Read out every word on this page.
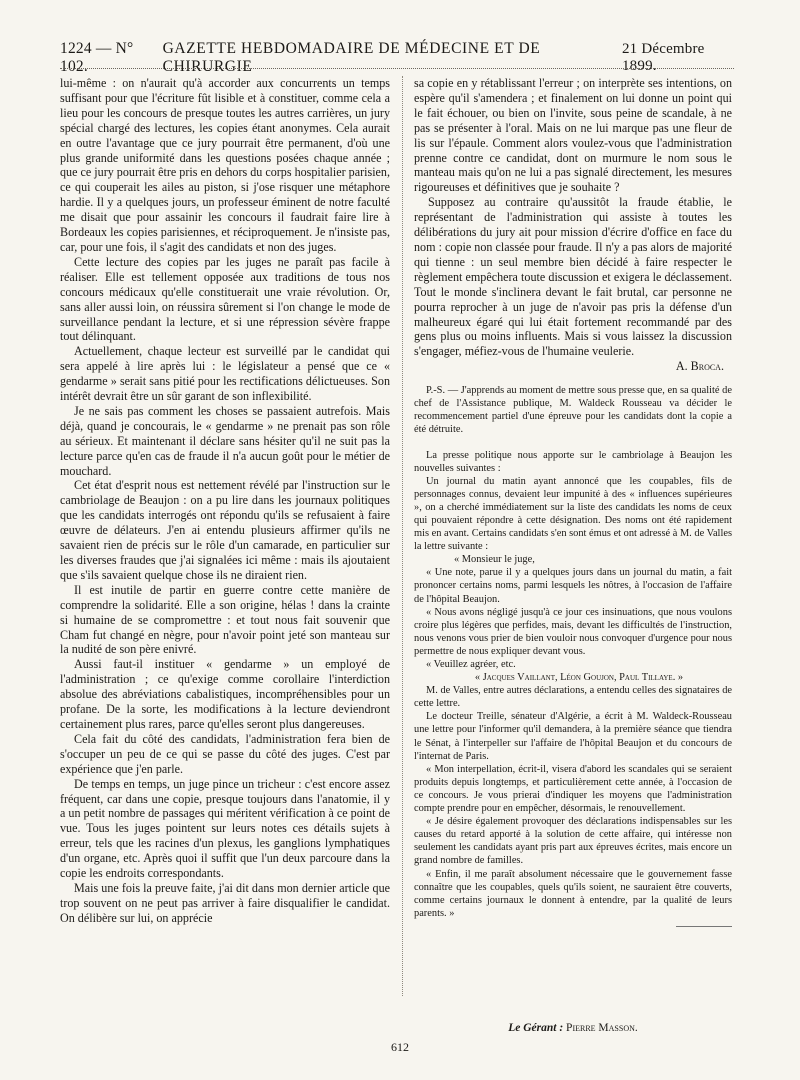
1224 — N° 102.
GAZETTE HEBDOMADAIRE DE MÉDECINE ET DE CHIRURGIE
21 Décembre 1899.

lui-même : on n'aurait qu'à accorder aux concurrents un temps suffisant pour que l'écriture fût lisible et à constituer, comme cela a lieu pour les concours de presque toutes les autres carrières, un jury spécial chargé des lectures, les copies étant anonymes. Cela aurait en outre l'avantage que ce jury pourrait être permanent, d'où une plus grande uniformité dans les questions posées chaque année ; que ce jury pourrait être pris en dehors du corps hospitalier parisien, ce qui couperait les ailes au piston, si j'ose risquer une métaphore hardie. Il y a quelques jours, un professeur éminent de notre faculté me disait que pour assainir les concours il faudrait faire lire à Bordeaux les copies parisiennes, et réciproquement. Je n'insiste pas, car, pour une fois, il s'agit des candidats et non des juges.

Cette lecture des copies par les juges ne paraît pas facile à réaliser. Elle est tellement opposée aux traditions de tous nos concours médicaux qu'elle constituerait une vraie révolution. Or, sans aller aussi loin, on réussira sûrement si l'on change le mode de surveillance pendant la lecture, et si une répression sévère frappe tout délinquant.

Actuellement, chaque lecteur est surveillé par le candidat qui sera appelé à lire après lui : le législateur a pensé que ce « gendarme » serait sans pitié pour les rectifications délictueuses. Son intérêt devrait être un sûr garant de son inflexibilité.

Je ne sais pas comment les choses se passaient autrefois. Mais déjà, quand je concourais, le « gendarme » ne prenait pas son rôle au sérieux. Et maintenant il déclare sans hésiter qu'il ne suit pas la lecture parce qu'en cas de fraude il n'a aucun goût pour le métier de mouchard.

Cet état d'esprit nous est nettement révélé par l'instruction sur le cambriolage de Beaujon : on a pu lire dans les journaux politiques que les candidats interrogés ont répondu qu'ils se refusaient à faire œuvre de délateurs. J'en ai entendu plusieurs affirmer qu'ils ne savaient rien de précis sur le rôle d'un camarade, en particulier sur les diverses fraudes que j'ai signalées ici même : mais ils ajoutaient que s'ils savaient quelque chose ils ne diraient rien.

Il est inutile de partir en guerre contre cette manière de comprendre la solidarité. Elle a son origine, hélas ! dans la crainte si humaine de se compromettre : et tout nous fait souvenir que Cham fut changé en nègre, pour n'avoir point jeté son manteau sur la nudité de son père enivré.

Aussi faut-il instituer « gendarme » un employé de l'administration ; ce qu'exige comme corollaire l'interdiction absolue des abréviations cabalistiques, incompréhensibles pour un profane. De la sorte, les modifications à la lecture deviendront certainement plus rares, parce qu'elles seront plus dangereuses.

Cela fait du côté des candidats, l'administration fera bien de s'occuper un peu de ce qui se passe du côté des juges. C'est par expérience que j'en parle.

De temps en temps, un juge pince un tricheur : c'est encore assez fréquent, car dans une copie, presque toujours dans l'anatomie, il y a un petit nombre de passages qui méritent vérification à ce point de vue. Tous les juges pointent sur leurs notes ces détails sujets à erreur, tels que les racines d'un plexus, les ganglions lymphatiques d'un organe, etc. Après quoi il suffit que l'un deux parcoure dans la copie les endroits correspondants.

Mais une fois la preuve faite, j'ai dit dans mon dernier article que trop souvent on ne peut pas arriver à faire disqualifier le candidat. On délibère sur lui, on apprécie

sa copie en y rétablissant l'erreur ; on interprète ses intentions, on espère qu'il s'amendera ; et finalement on lui donne un point qui le fait échouer, ou bien on l'invite, sous peine de scandale, à ne pas se présenter à l'oral. Mais on ne lui marque pas une fleur de lis sur l'épaule. Comment alors voulez-vous que l'administration prenne contre ce candidat, dont on murmure le nom sous le manteau mais qu'on ne lui a pas signalé directement, les mesures rigoureuses et définitives que je souhaite ?

Supposez au contraire qu'aussitôt la fraude établie, le représentant de l'administration qui assiste à toutes les délibérations du jury ait pour mission d'écrire d'office en face du nom : copie non classée pour fraude. Il n'y a pas alors de majorité qui tienne : un seul membre bien décidé à faire respecter le règlement empêchera toute discussion et exigera le déclassement. Tout le monde s'inclinera devant le fait brutal, car personne ne pourra reprocher à un juge de n'avoir pas pris la défense d'un malheureux égaré qui lui était fortement recommandé par des gens plus ou moins influents. Mais si vous laissez la discussion s'engager, méfiez-vous de l'humaine veulerie.

A. Broca.

P.-S. — J'apprends au moment de mettre sous presse que, en sa qualité de chef de l'Assistance publique, M. Waldeck Rousseau va décider le recommencement partiel d'une épreuve pour les candidats dont la copie a été détruite.

La presse politique nous apporte sur le cambriolage à Beaujon les nouvelles suivantes :

Un journal du matin ayant annoncé que les coupables, fils de personnages connus, devaient leur impunité à des « influences supérieures », on a cherché immédiatement sur la liste des candidats les noms de ceux qui pouvaient répondre à cette désignation. Des noms ont été rapidement mis en avant. Certains candidats s'en sont émus et ont adressé à M. de Valles la lettre suivante :

« Monsieur le juge,

« Une note, parue il y a quelques jours dans un journal du matin, a fait prononcer certains noms, parmi lesquels les nôtres, à l'occasion de l'affaire de l'hôpital Beaujon.

« Nous avons négligé jusqu'à ce jour ces insinuations, que nous voulons croire plus légères que perfides, mais, devant les difficultés de l'instruction, nous venons vous prier de bien vouloir nous convoquer d'urgence pour nous permettre de nous expliquer devant vous.

« Veuillez agréer, etc.

« Jacques Vaillant, Léon Goujon, Paul Tillaye. »

M. de Valles, entre autres déclarations, a entendu celles des signataires de cette lettre.

Le docteur Treille, sénateur d'Algérie, a écrit à M. Waldeck-Rousseau une lettre pour l'informer qu'il demandera, à la première séance que tiendra le Sénat, à l'interpeller sur l'affaire de l'hôpital Beaujon et du concours de l'internat de Paris.

« Mon interpellation, écrit-il, visera d'abord les scandales qui se seraient produits depuis longtemps, et particulièrement cette année, à l'occasion de ce concours. Je vous prierai d'indiquer les moyens que l'administration compte prendre pour en empêcher, désormais, le renouvellement.

« Je désire également provoquer des déclarations indispensables sur les causes du retard apporté à la solution de cette affaire, qui intéresse non seulement les candidats ayant pris part aux épreuves écrites, mais encore un grand nombre de familles.

« Enfin, il me paraît absolument nécessaire que le gouvernement fasse connaître que les coupables, quels qu'ils soient, ne sauraient être couverts, comme certains journaux le donnent à entendre, par la qualité de leurs parents. »

Le Gérant : Pierre Masson.
612
